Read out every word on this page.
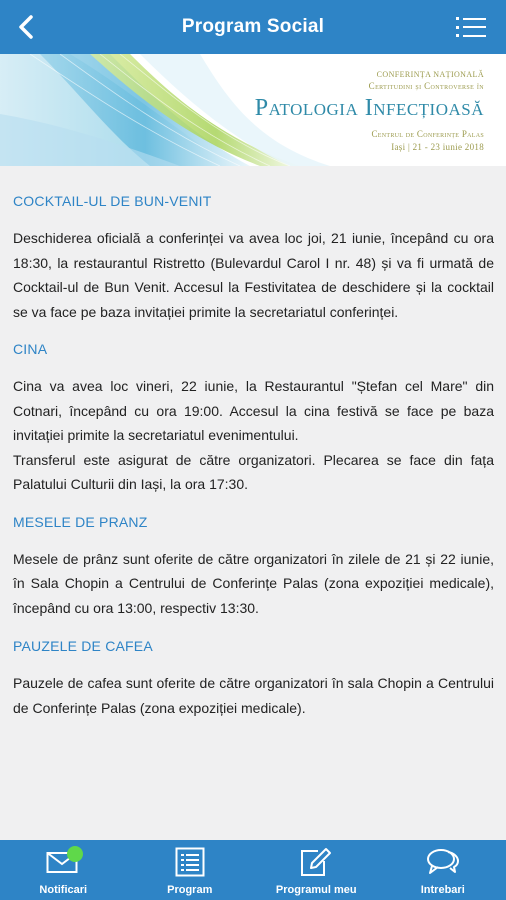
Program Social
CONFERINȚA NAȚIONALĂ
Certitudini și Controverse în
Patologia Infecțioasă
Centrul de Conferințe Palas
Iași | 21 - 23 iunie 2018
COCKTAIL-UL DE BUN-VENIT
Deschiderea oficială a conferinței va avea loc joi, 21 iunie, începând cu ora 18:30, la restaurantul Ristretto (Bulevardul Carol I nr. 48) și va fi urmată de Cocktail-ul de Bun Venit. Accesul la Festivitatea de deschidere și la cocktail se va face pe baza invitației primite la secretariatul conferinței.
CINA
Cina va avea loc vineri, 22 iunie, la Restaurantul "Ștefan cel Mare" din Cotnari, începând cu ora 19:00. Accesul la cina festivă se face pe baza invitației primite la secretariatul evenimentului.
Transferul este asigurat de către organizatori. Plecarea se face din fața Palatului Culturii din Iași, la ora 17:30.
MESELE DE PRANZ
Mesele de prânz sunt oferite de către organizatori în zilele de 21 și 22 iunie, în Sala Chopin a Centrului de Conferințe Palas (zona expoziției medicale), începând cu ora 13:00, respectiv 13:30.
PAUZELE DE CAFEA
Pauzele de cafea sunt oferite de către organizatori în sala Chopin a Centrului de Conferințe Palas (zona expoziției medicale).
Notificari	Program	Programul meu	Intrebari
